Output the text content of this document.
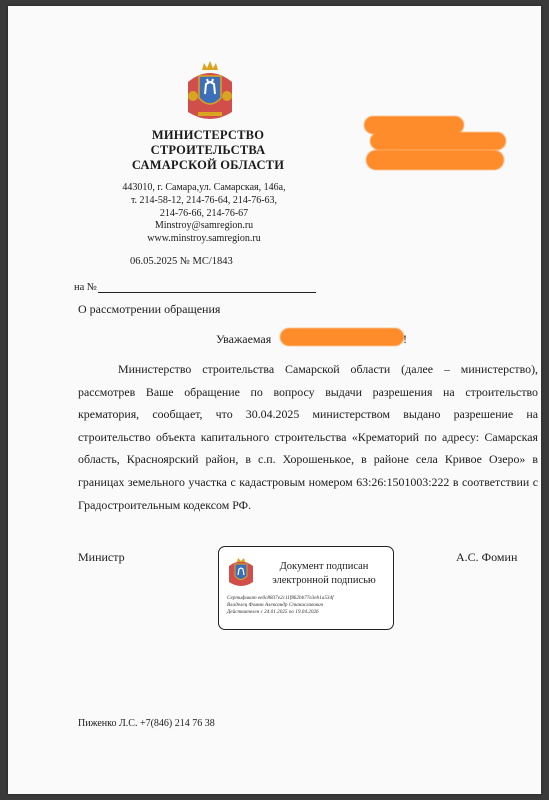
МИНИСТЕРСТВО
СТРОИТЕЛЬСТВА
САМАРСКОЙ ОБЛАСТИ
443010, г. Самара,ул. Самарская, 146а,
т. 214-58-12, 214-76-64, 214-76-63,
214-76-66, 214-76-67
Minstroy@samregion.ru
www.minstroy.samregion.ru
06.05.2025 № МС/1843
на №
О рассмотрении обращения
Уважаемая	!
Министерство строительства Самарской области (далее – министерство), рассмотрев Ваше обращение по вопросу выдачи разрешения на строительство крематория, сообщает, что 30.04.2025 министерством выдано разрешение на строительство объекта капитального строительства «Крематорий по адресу: Самарская область, Красноярский район, в с.п. Хорошенькое, в районе села Кривое Озеро» в границах земельного участка с кадастровым номером 63:26:1501003:222 в соответствии с Градостроительным кодексом РФ.
Министр
Документ подписан
электронной подписью
Сертификат ee0c8837e2c11f862bb77e3eb1a534f
Владелец Фомин Александр Станиславович
Действителен с 24.01.2025 по 19.04.2026
А.С. Фомин
Пиженко Л.С. +7(846) 214 76 38
